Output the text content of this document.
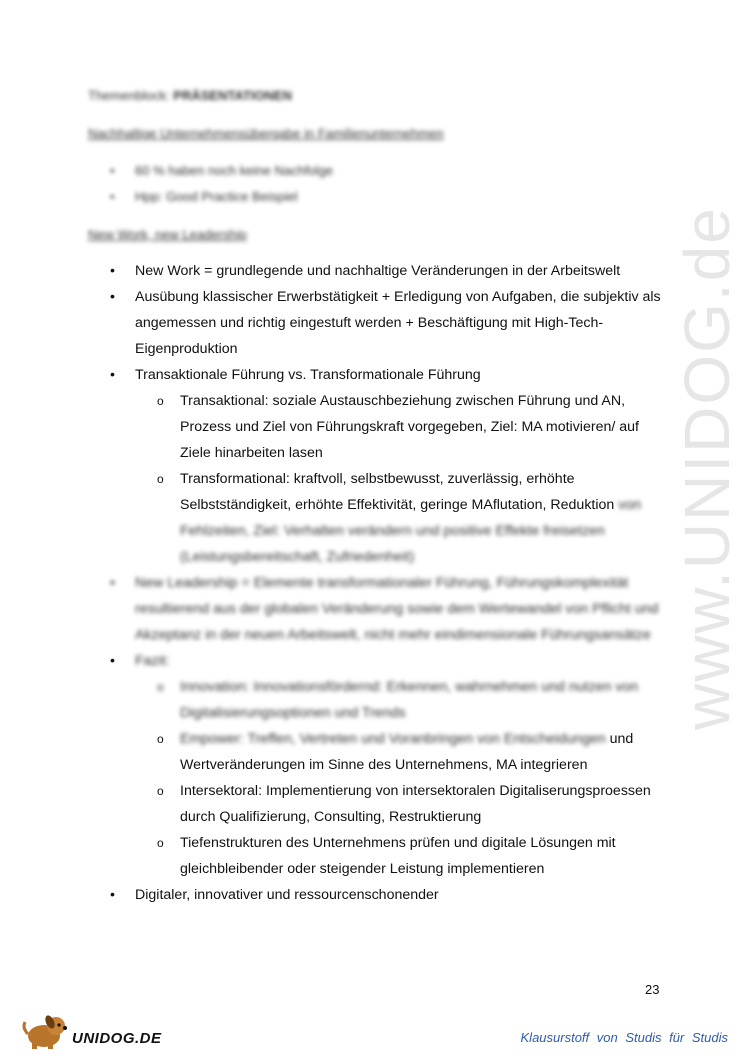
www.UNIDOG.de
Themenblock: PRÄSENTATIONEN
Nachhaltige Unternehmensübergabe in Familienunternehmen
• 60 % haben noch keine Nachfolge
• Hpp: Good Practice Beispiel
New Work, new Leadership
• New Work = grundlegende und nachhaltige Veränderungen in der Arbeitswelt
• Ausübung klassischer Erwerbstätigkeit + Erledigung von Aufgaben, die subjektiv als angemessen und richtig eingestuft werden + Beschäftigung mit High-Tech-Eigenproduktion
• Transaktionale Führung vs. Transformationale Führung
o Transaktional: soziale Austauschbeziehung zwischen Führung und AN, Prozess und Ziel von Führungskraft vorgegeben, Ziel: MA motivieren/ auf Ziele hinarbeiten lasen
o Transformational: kraftvoll, selbstbewusst, zuverlässig, erhöhte Selbstständigkeit, erhöhte Effektivität, geringe MAflutation, Reduktion von Fehlzeiten, Ziel: Verhalten verändern und positive Effekte freisetzen (Leistungsbereitschaft, Zufriedenheit)
• New Leadership = Elemente transformationaler Führung, Führungskomplexität resultierend aus der globalen Veränderung sowie dem Wertewandel von Pflicht und Akzeptanz in der neuen Arbeitswelt, nicht mehr eindimensionale Führungsansätze
• Fazit:
o Innovation: Innovationsfördernd: Erkennen, wahrnehmen und nutzen von Digitalisierungsoptionen und Trends
o Empower: Treffen, Vertreten und Voranbringen von Entscheidungen und Wertveränderungen im Sinne des Unternehmens, MA integrieren
o Intersektoral: Implementierung von intersektoralen Digitaliserungsproessen durch Qualifizierung, Consulting, Restruktierung
o Tiefenstrukturen des Unternehmens prüfen und digitale Lösungen mit gleichbleibender oder steigender Leistung implementieren
• Digitaler, innovativer und ressourcenschonender
23
UNIDOG.DE	Klausurstoff von Studis für Studis
